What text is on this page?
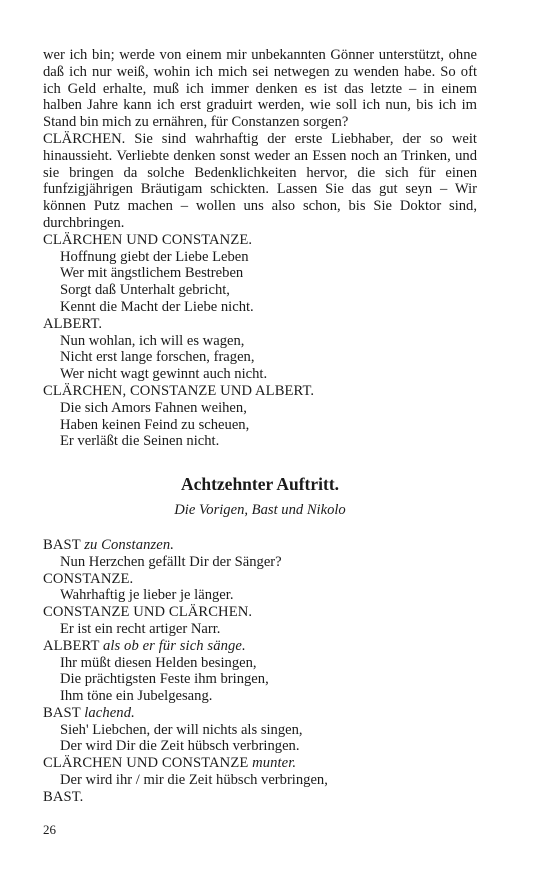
wer ich bin; werde von einem mir unbekannten Gönner unterstützt, ohne daß ich nur weiß, wohin ich mich sei netwegen zu wenden habe. So oft ich Geld erhalte, muß ich immer denken es ist das letzte – in einem halben Jahre kann ich erst graduirt werden, wie soll ich nun, bis ich im Stand bin mich zu ernähren, für Constanzen sorgen?

CLÄRCHEN. Sie sind wahrhaftig der erste Liebhaber, der so weit hinaussieht. Verliebte denken sonst weder an Essen noch an Trinken, und sie bringen da solche Bedenklichkeiten hervor, die sich für einen funfzigjährigen Bräutigam schickten. Lassen Sie das gut seyn – Wir können Putz machen – wollen uns also schon, bis Sie Doktor sind, durchbringen.

CLÄRCHEN UND CONSTANZE.

Hoffnung giebt der Liebe Leben

Wer mit ängstlichem Bestreben

Sorgt daß Unterhalt gebricht,

Kennt die Macht der Liebe nicht.

ALBERT.

Nun wohlan, ich will es wagen,

Nicht erst lange forschen, fragen,

Wer nicht wagt gewinnt auch nicht.

CLÄRCHEN, CONSTANZE UND ALBERT.

Die sich Amors Fahnen weihen,

Haben keinen Feind zu scheuen,

Er verläßt die Seinen nicht.

Achtzehnter Auftritt.

Die Vorigen, Bast und Nikolo

BAST zu Constanzen.

Nun Herzchen gefällt Dir der Sänger?

CONSTANZE.

Wahrhaftig je lieber je länger.

CONSTANZE UND CLÄRCHEN.

Er ist ein recht artiger Narr.

ALBERT als ob er für sich sänge.

Ihr müßt diesen Helden besingen,

Die prächtigsten Feste ihm bringen,

Ihm töne ein Jubelgesang.

BAST lachend.

Sieh' Liebchen, der will nichts als singen,

Der wird Dir die Zeit hübsch verbringen.

CLÄRCHEN UND CONSTANZE munter.

Der wird ihr / mir die Zeit hübsch verbringen,

BAST.

26
